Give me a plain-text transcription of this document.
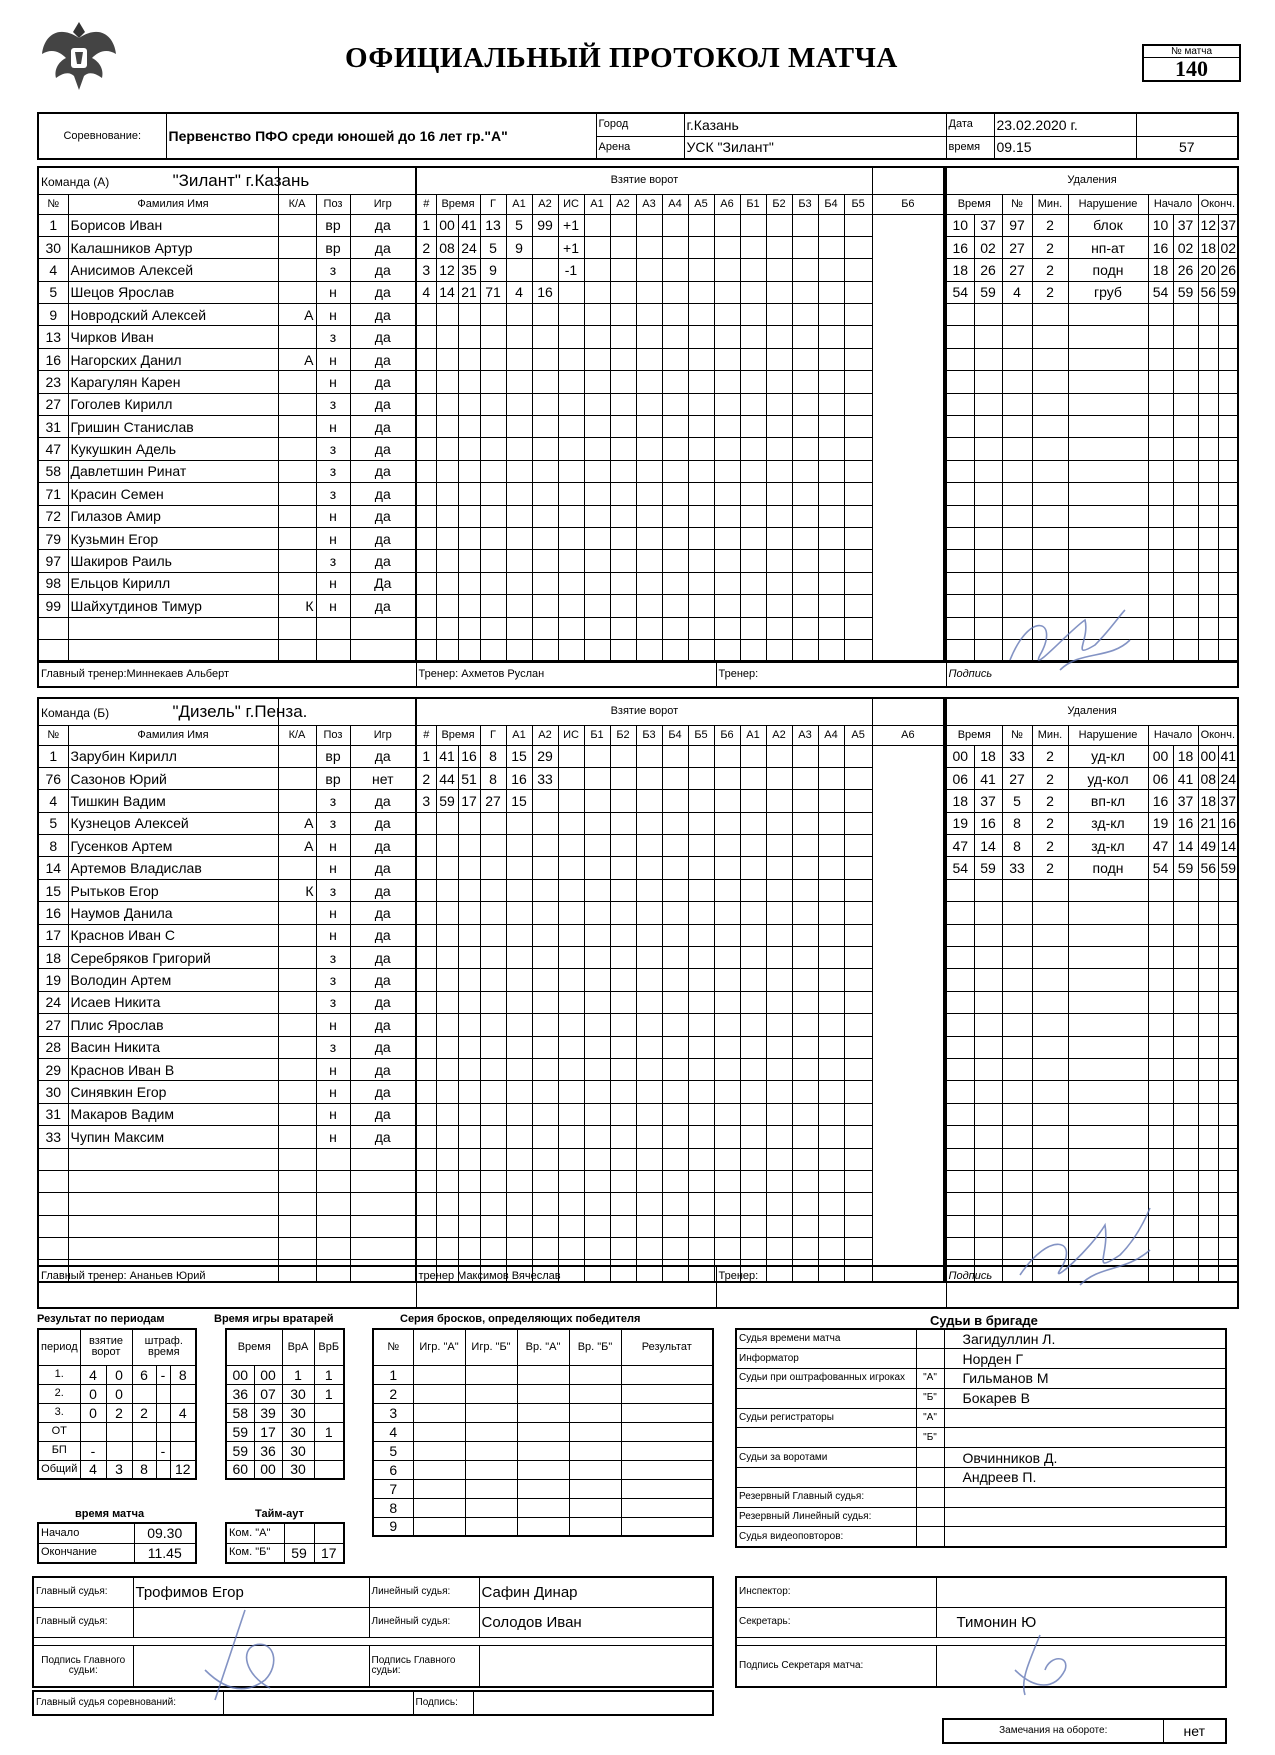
ОФИЦИАЛЬНЫЙ ПРОТОКОЛ МАТЧА	№ матча
140
Соревнование:	Первенство ПФО среди юношей до 16 лет гр."А"	Город	г.Казань	Дата	23.02.2020 г.	
		Арена	УСК "Зилант"	время	09.15	57
Команда (А) "Зилант" г.Казань				
№	Фамилия Имя	К/А	Поз	Игр
1	Борисов Иван		вр	да
30	Калашников Артур		вр	да
4	Анисимов Алексей		з	да
5	Шецов Ярослав		н	да
9	Новродский Алексей	А	н	да
13	Чирков Иван		з	да
16	Нагорских Данил	А	н	да
23	Карагулян Карен		н	да
27	Гоголев Кирилл		з	да
31	Гришин Станислав		н	да
47	Кукушкин Адель		з	да
58	Давлетшин Ринат		з	да
71	Красин Семен		з	да
72	Гилазов Амир		н	да
79	Кузьмин Егор		н	да
97	Шакиров Раиль		з	да
98	Ельцов Кирилл		н	Да
99	Шайхутдинов Тимур	К	н	да

Взятие ворот																		
#	Время		Г	А1	А2	ИС	А1	А2	А3	А4	А5	А6	Б1	Б2	Б3	Б4	Б5	Б6
1	00	41	13	5	99	+1												
2	08	24	5	9		+1												
3	12	35	9			-1												
4	14	21	71	4	16													

Удаления								
Время		№	Мин.	Нарушение	Начало		Оконч.	
10	37	97	2	блок	10	37	12	37
16	02	27	2	нп-ат	16	02	18	02
18	26	27	2	подн	18	26	20	26
54	59	4	2	груб	54	59	56	59

Главный тренер:Миннекаев Альберт	Тренер: Ахметов Руслан	Тренер:	Подпись
Команда (Б) "Дизель" г.Пенза.				
№	Фамилия Имя	К/А	Поз	Игр
1	Зарубин Кирилл		вр	да
76	Сазонов Юрий		вр	нет
4	Тишкин Вадим		з	да
5	Кузнецов Алексей	А	з	да
8	Гусенков Артем	А	н	да
14	Артемов Владислав		н	да
15	Рытьков Егор	К	з	да
16	Наумов Данила		н	да
17	Краснов Иван С		н	да
18	Серебряков Григорий		з	да
19	Володин Артем		з	да
24	Исаев Никита		з	да
27	Плис Ярослав		н	да
28	Васин Никита		з	да
29	Краснов Иван В		н	да
30	Синявкин Егор		н	да
31	Макаров Вадим		н	да
33	Чупин Максим		н	да

Взятие ворот																		
#	Время		Г	А1	А2	ИС	Б1	Б2	Б3	Б4	Б5	Б6	А1	А2	А3	А4	А5	А6
1	41	16	8	15	29													
2	44	51	8	16	33													
3	59	17	27	15														

Удаления								
Время		№	Мин.	Нарушение	Начало		Оконч.	
00	18	33	2	уд-кл	00	18	00	41
06	41	27	2	уд-кол	06	41	08	24
18	37	5	2	вп-кл	16	37	18	37
19	16	8	2	зд-кл	19	16	21	16
47	14	8	2	зд-кл	47	14	49	14
54	59	33	2	подн	54	59	56	59

Главный тренер: Ананьев Юрий	тренер Максимов Вячеслав	Тренер:	Подпись
Результат по периодам
период	взятие ворот		штраф. время		
1.	4	0	6	-	8
2.	0	0			
3.	0	2	2		4
ОТ					
БП	-			-	
Общий	4	3	8		12
Время игры вратарей
Время		ВрА	ВрБ
00	00	1	1
36	07	30	1
58	39	30	
59	17	30	1
59	36	30	
60	00	30	
Серия бросков, определяющих победителя
№	Игр. "А"	Игр. "Б"	Вр. "А"	Вр. "Б"	Результат
1					
2					
3					
4					
5					
6					
7					
8					
9					
время матча
Начало	09.30
Окончание	11.45
Тайм-аут
Ком. "А"		
Ком. "Б"	59	17
Судьи в бригаде
Судья времени матча		Загидуллин Л.
Информатор		Норден Г
Судьи при оштрафованных игроках	"А"	Гильманов М
	"Б"	Бокарев В
Судьи регистраторы	"А"	
	"Б"	
Судьи за воротами		Овчинников Д.
		Андреев П.
Резервный Главный судья:		
Резервный Линейный судья:		
Судья видеоповторов:		
Главный судья:	Трофимов Егор	Линейный судья:	Сафин Динар
Главный судья:		Линейный судья:	Солодов Иван

Подпись Главного судьи:		Подпись Главного судьи:	
Главный судья соревнований:		Подпись:	
Инспектор:	
Секретарь:	Тимонин Ю

Подпись Секретаря матча:	
Замечания на обороте:	нет
